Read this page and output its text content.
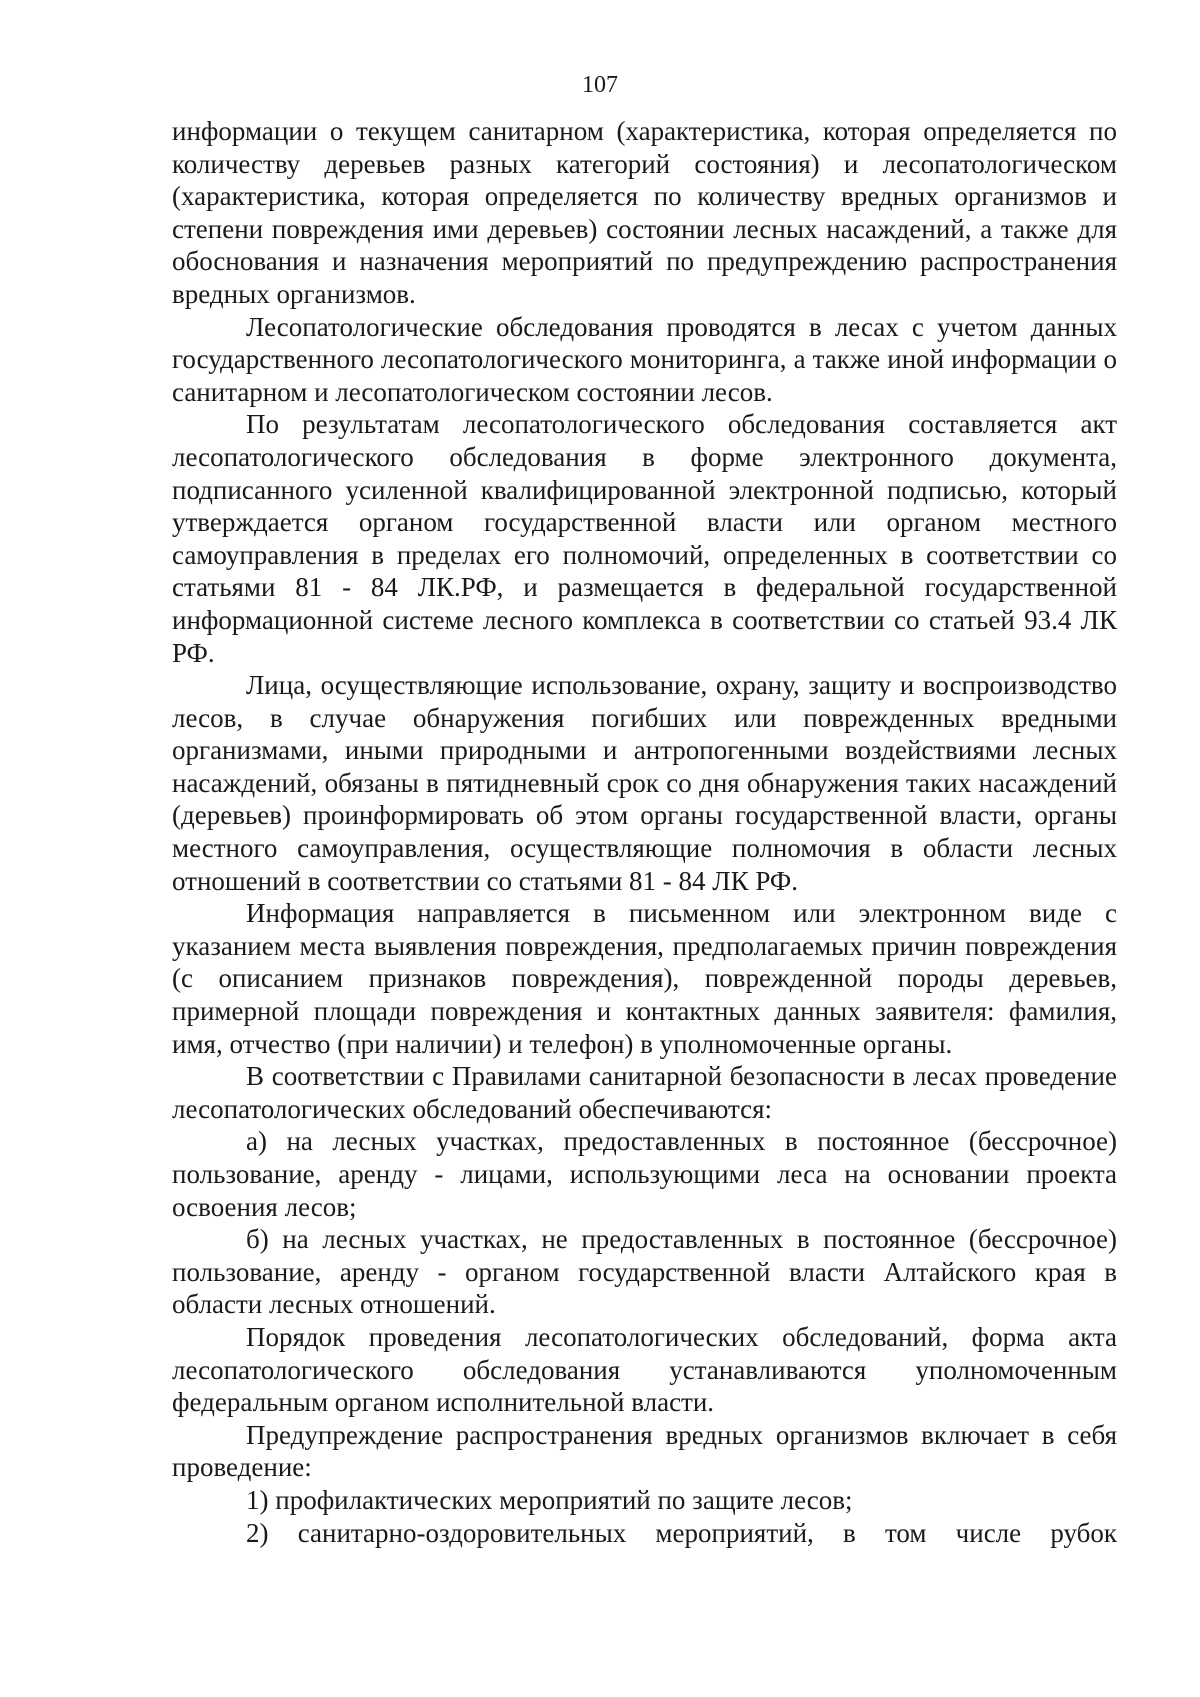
107

информации о текущем санитарном (характеристика, которая определяется по количеству деревьев разных категорий состояния) и лесопатологическом (характеристика, которая определяется по количеству вредных организмов и степени повреждения ими деревьев) состоянии лесных насаждений, а также для обоснования и назначения мероприятий по предупреждению распространения вредных организмов.

Лесопатологические обследования проводятся в лесах с учетом данных государственного лесопатологического мониторинга, а также иной информации о санитарном и лесопатологическом состоянии лесов.

По результатам лесопатологического обследования составляется акт лесопатологического обследования в форме электронного документа, подписанного усиленной квалифицированной электронной подписью, который утверждается органом государственной власти или органом местного самоуправления в пределах его полномочий, определенных в соответствии со статьями 81 - 84 ЛК.РФ, и размещается в федеральной государственной информационной системе лесного комплекса в соответствии со статьей 93.4 ЛК РФ.

Лица, осуществляющие использование, охрану, защиту и воспроизводство лесов, в случае обнаружения погибших или поврежденных вредными организмами, иными природными и антропогенными воздействиями лесных насаждений, обязаны в пятидневный срок со дня обнаружения таких насаждений (деревьев) проинформировать об этом органы государственной власти, органы местного самоуправления, осуществляющие полномочия в области лесных отношений в соответствии со статьями 81 - 84 ЛК РФ.

Информация направляется в письменном или электронном виде с указанием места выявления повреждения, предполагаемых причин повреждения (с описанием признаков повреждения), поврежденной породы деревьев, примерной площади повреждения и контактных данных заявителя: фамилия, имя, отчество (при наличии) и телефон) в уполномоченные органы.

В соответствии с Правилами санитарной безопасности в лесах проведение лесопатологических обследований обеспечиваются:

а) на лесных участках, предоставленных в постоянное (бессрочное) пользование, аренду - лицами, использующими леса на основании проекта освоения лесов;

б) на лесных участках, не предоставленных в постоянное (бессрочное) пользование, аренду - органом государственной власти Алтайского края в области лесных отношений.

Порядок проведения лесопатологических обследований, форма акта лесопатологического обследования устанавливаются уполномоченным федеральным органом исполнительной власти.

Предупреждение распространения вредных организмов включает в себя проведение:

1) профилактических мероприятий по защите лесов;

2) санитарно-оздоровительных мероприятий, в том числе рубок
